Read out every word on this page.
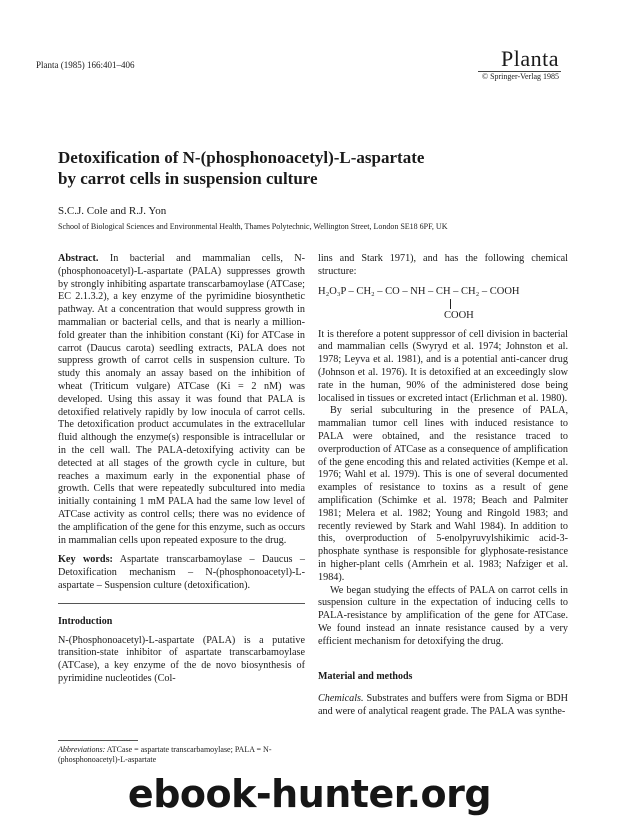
Planta (1985) 166:401–406	Planta
© Springer-Verlag 1985
Detoxification of N-(phosphonoacetyl)-L-aspartate
by carrot cells in suspension culture
S.C.J. Cole and R.J. Yon
School of Biological Sciences and Environmental Health, Thames Polytechnic, Wellington Street, London SE18 6PF, UK

Abstract. In bacterial and mammalian cells, N-(phosphonoacetyl)-L-aspartate (PALA) suppresses growth by strongly inhibiting aspartate transcarbamoylase (ATCase; EC 2.1.3.2), a key enzyme of the pyrimidine biosynthetic pathway. At a concentration that would suppress growth in mammalian or bacterial cells, and that is nearly a million-fold greater than the inhibition constant (Ki) for ATCase in carrot (Daucus carota) seedling extracts, PALA does not suppress growth of carrot cells in suspension culture. To study this anomaly an assay based on the inhibition of wheat (Triticum vulgare) ATCase (Ki = 2 nM) was developed. Using this assay it was found that PALA is detoxified relatively rapidly by low inocula of carrot cells. The detoxification product accumulates in the extracellular fluid although the enzyme(s) responsible is intracellular or in the cell wall. The PALA-detoxifying activity can be detected at all stages of the growth cycle in culture, but reaches a maximum early in the exponential phase of growth. Cells that were repeatedly subcultured into media initially containing 1 mM PALA had the same low level of ATCase activity as control cells; there was no evidence of the amplification of the gene for this enzyme, such as occurs in mammalian cells upon repeated exposure to the drug.

Key words: Aspartate transcarbamoylase – Daucus – Detoxification mechanism – N-(phosphonoacetyl)-L-aspartate – Suspension culture (detoxification).

Introduction

N-(Phosphonoacetyl)-L-aspartate (PALA) is a putative transition-state inhibitor of aspartate transcarbamoylase (ATCase), a key enzyme of the de novo biosynthesis of pyrimidine nucleotides (Col-

Abbreviations: ATCase = aspartate transcarbamoylase; PALA = N-(phosphonoacetyl)-L-aspartate

lins and Stark 1971), and has the following chemical structure:

H₂O₃P – CH₂ – CO – NH – CH – CH₂ – COOH
COOH

It is therefore a potent suppressor of cell division in bacterial and mammalian cells (Swyryd et al. 1974; Johnston et al. 1978; Leyva et al. 1981), and is a potential anti-cancer drug (Johnson et al. 1976). It is detoxified at an exceedingly slow rate in the human, 90% of the administered dose being localised in tissues or excreted intact (Erlichman et al. 1980).

By serial subculturing in the presence of PALA, mammalian tumor cell lines with induced resistance to PALA were obtained, and the resistance traced to overproduction of ATCase as a consequence of amplification of the gene encoding this and related activities (Kempe et al. 1976; Wahl et al. 1979). This is one of several documented examples of resistance to toxins as a result of gene amplification (Schimke et al. 1978; Beach and Palmiter 1981; Melera et al. 1982; Young and Ringold 1983; and recently reviewed by Stark and Wahl 1984). In addition to this, overproduction of 5-enolpyruvylshikimic acid-3-phosphate synthase is responsible for glyphosate-resistance in higher-plant cells (Amrhein et al. 1983; Nafziger et al. 1984).

We began studying the effects of PALA on carrot cells in suspension culture in the expectation of inducing cells to PALA-resistance by amplification of the gene for ATCase. We found instead an innate resistance caused by a very efficient mechanism for detoxifying the drug.

Material and methods

Chemicals. Substrates and buffers were from Sigma or BDH and were of analytical reagent grade. The PALA was synthe-

ebook-hunter.org
